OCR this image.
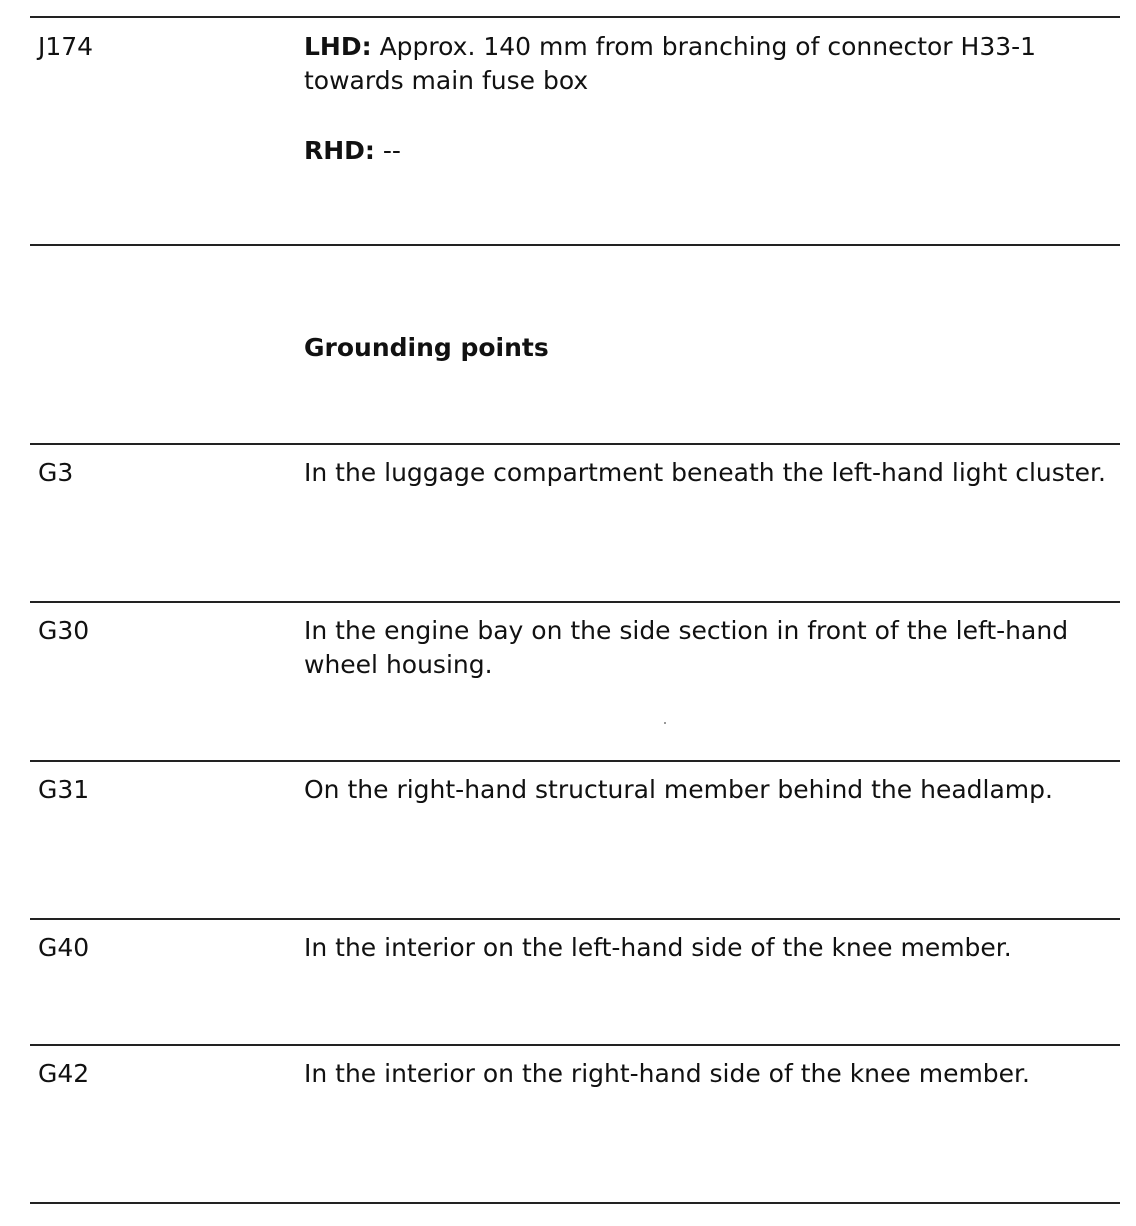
J174	LHD: Approx. 140 mm from branching of connector H33-1 towards main fuse box
RHD: --
Grounding points
G3	In the luggage compartment beneath the left-hand light cluster.
G30	In the engine bay on the side section in front of the left-hand wheel housing.
G31	On the right-hand structural member behind the headlamp.
G40	In the interior on the left-hand side of the knee member.
G42	In the interior on the right-hand side of the knee member.
